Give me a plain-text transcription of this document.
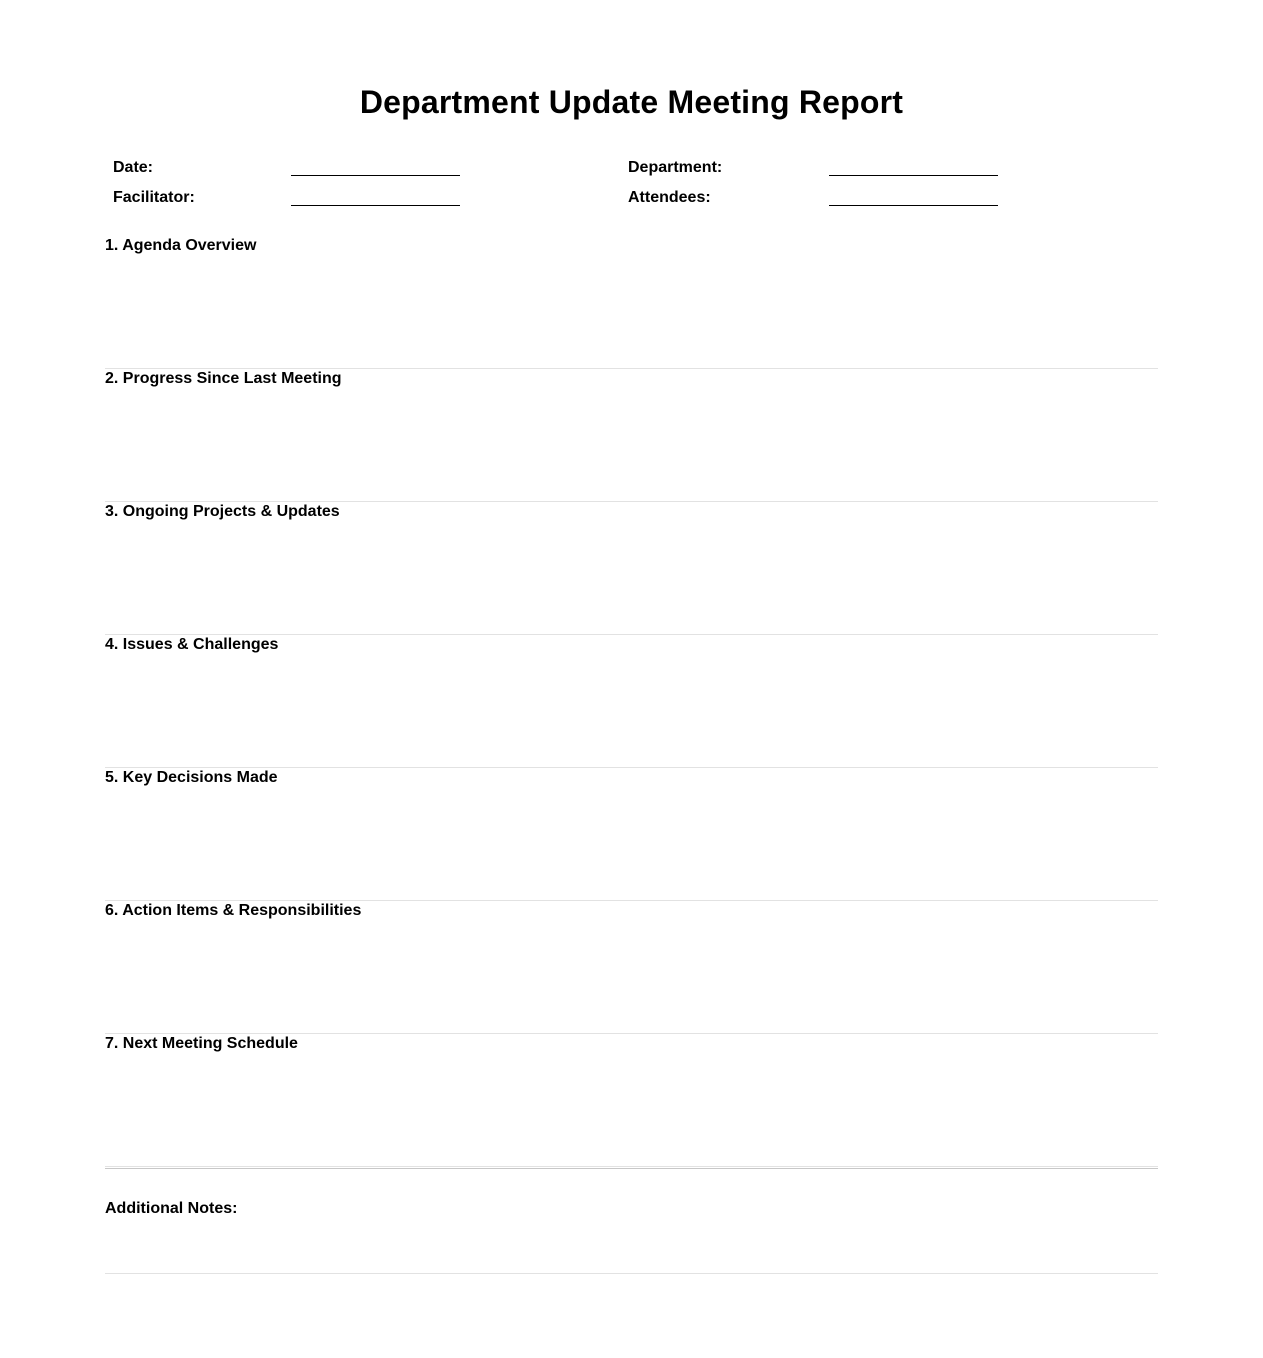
Department Update Meeting Report
Date:
Facilitator:
Department:
Attendees:
1. Agenda Overview
2. Progress Since Last Meeting
3. Ongoing Projects & Updates
4. Issues & Challenges
5. Key Decisions Made
6. Action Items & Responsibilities
7. Next Meeting Schedule
Additional Notes:
